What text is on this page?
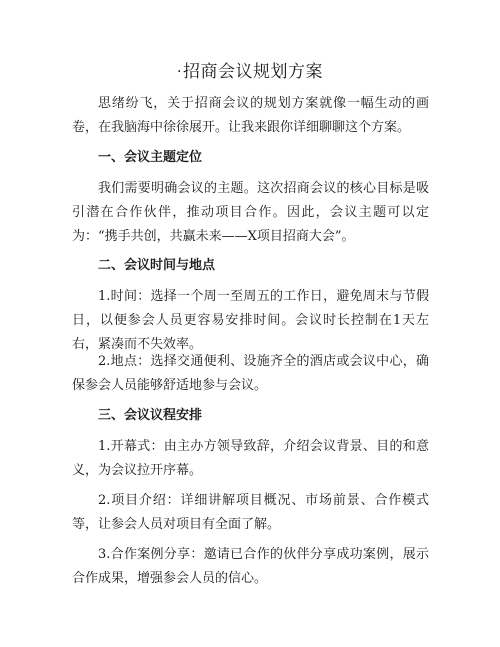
·招商会议规划方案

思绪纷飞，关于招商会议的规划方案就像一幅生动的画卷，在我脑海中徐徐展开。让我来跟你详细聊聊这个方案。

一、会议主题定位

我们需要明确会议的主题。这次招商会议的核心目标是吸引潜在合作伙伴，推动项目合作。因此，会议主题可以定为：“携手共创，共赢未来——X项目招商大会”。

二、会议时间与地点

1.时间：选择一个周一至周五的工作日，避免周末与节假日，以便参会人员更容易安排时间。会议时长控制在1天左右，紧凑而不失效率。

2.地点：选择交通便利、设施齐全的酒店或会议中心，确保参会人员能够舒适地参与会议。

三、会议议程安排

1.开幕式：由主办方领导致辞，介绍会议背景、目的和意义，为会议拉开序幕。

2.项目介绍：详细讲解项目概况、市场前景、合作模式等，让参会人员对项目有全面了解。

3.合作案例分享：邀请已合作的伙伴分享成功案例，展示合作成果，增强参会人员的信心。
